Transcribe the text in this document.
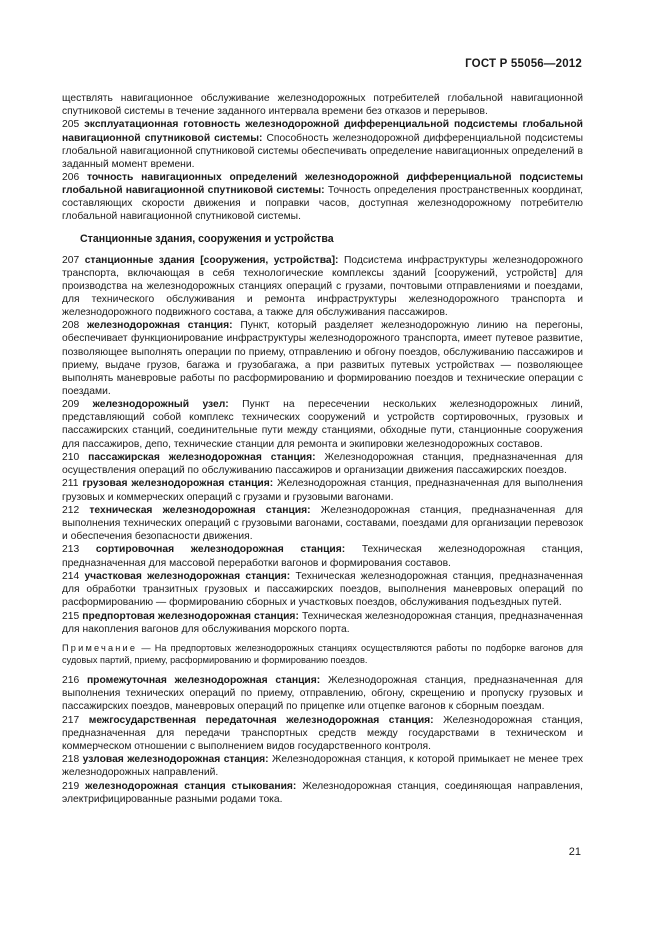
ГОСТ Р 55056—2012

ществлять навигационное обслуживание железнодорожных потребителей глобальной навигационной спутниковой системы в течение заданного интервала времени без отказов и перерывов.

205 эксплуатационная готовность железнодорожной дифференциальной подсистемы глобальной навигационной спутниковой системы: Способность железнодорожной дифференциальной подсистемы глобальной навигационной спутниковой системы обеспечивать определение навигационных определений в заданный момент времени.

206 точность навигационных определений железнодорожной дифференциальной подсистемы глобальной навигационной спутниковой системы: Точность определения пространственных координат, составляющих скорости движения и поправки часов, доступная железнодорожному потребителю глобальной навигационной спутниковой системы.

Станционные здания, сооружения и устройства

207 станционные здания [сооружения, устройства]: Подсистема инфраструктуры железнодорожного транспорта, включающая в себя технологические комплексы зданий [сооружений, устройств] для производства на железнодорожных станциях операций с грузами, почтовыми отправлениями и поездами, для технического обслуживания и ремонта инфраструктуры железнодорожного транспорта и железнодорожного подвижного состава, а также для обслуживания пассажиров.

208 железнодорожная станция: Пункт, который разделяет железнодорожную линию на перегоны, обеспечивает функционирование инфраструктуры железнодорожного транспорта, имеет путевое развитие, позволяющее выполнять операции по приему, отправлению и обгону поездов, обслуживанию пассажиров и приему, выдаче грузов, багажа и грузобагажа, а при развитых путевых устройствах — позволяющее выполнять маневровые работы по расформированию и формированию поездов и технические операции с поездами.

209 железнодорожный узел: Пункт на пересечении нескольких железнодорожных линий, представляющий собой комплекс технических сооружений и устройств сортировочных, грузовых и пассажирских станций, соединительные пути между станциями, обходные пути, станционные сооружения для пассажиров, депо, технические станции для ремонта и экипировки железнодорожных составов.

210 пассажирская железнодорожная станция: Железнодорожная станция, предназначенная для осуществления операций по обслуживанию пассажиров и организации движения пассажирских поездов.

211 грузовая железнодорожная станция: Железнодорожная станция, предназначенная для выполнения грузовых и коммерческих операций с грузами и грузовыми вагонами.

212 техническая железнодорожная станция: Железнодорожная станция, предназначенная для выполнения технических операций с грузовыми вагонами, составами, поездами для организации перевозок и обеспечения безопасности движения.

213 сортировочная железнодорожная станция: Техническая железнодорожная станция, предназначенная для массовой переработки вагонов и формирования составов.

214 участковая железнодорожная станция: Техническая железнодорожная станция, предназначенная для обработки транзитных грузовых и пассажирских поездов, выполнения маневровых операций по расформированию — формированию сборных и участковых поездов, обслуживания подъездных путей.

215 предпортовая железнодорожная станция: Техническая железнодорожная станция, предназначенная для накопления вагонов для обслуживания морского порта.

Примечание — На предпортовых железнодорожных станциях осуществляются работы по подборке вагонов для судовых партий, приему, расформированию и формированию поездов.

216 промежуточная железнодорожная станция: Железнодорожная станция, предназначенная для выполнения технических операций по приему, отправлению, обгону, скрещению и пропуску грузовых и пассажирских поездов, маневровых операций по прицепке или отцепке вагонов к сборным поездам.

217 межгосударственная передаточная железнодорожная станция: Железнодорожная станция, предназначенная для передачи транспортных средств между государствами в техническом и коммерческом отношении с выполнением видов государственного контроля.

218 узловая железнодорожная станция: Железнодорожная станция, к которой примыкает не менее трех железнодорожных направлений.

219 железнодорожная станция стыкования: Железнодорожная станция, соединяющая направления, электрифицированные разными родами тока.

21
